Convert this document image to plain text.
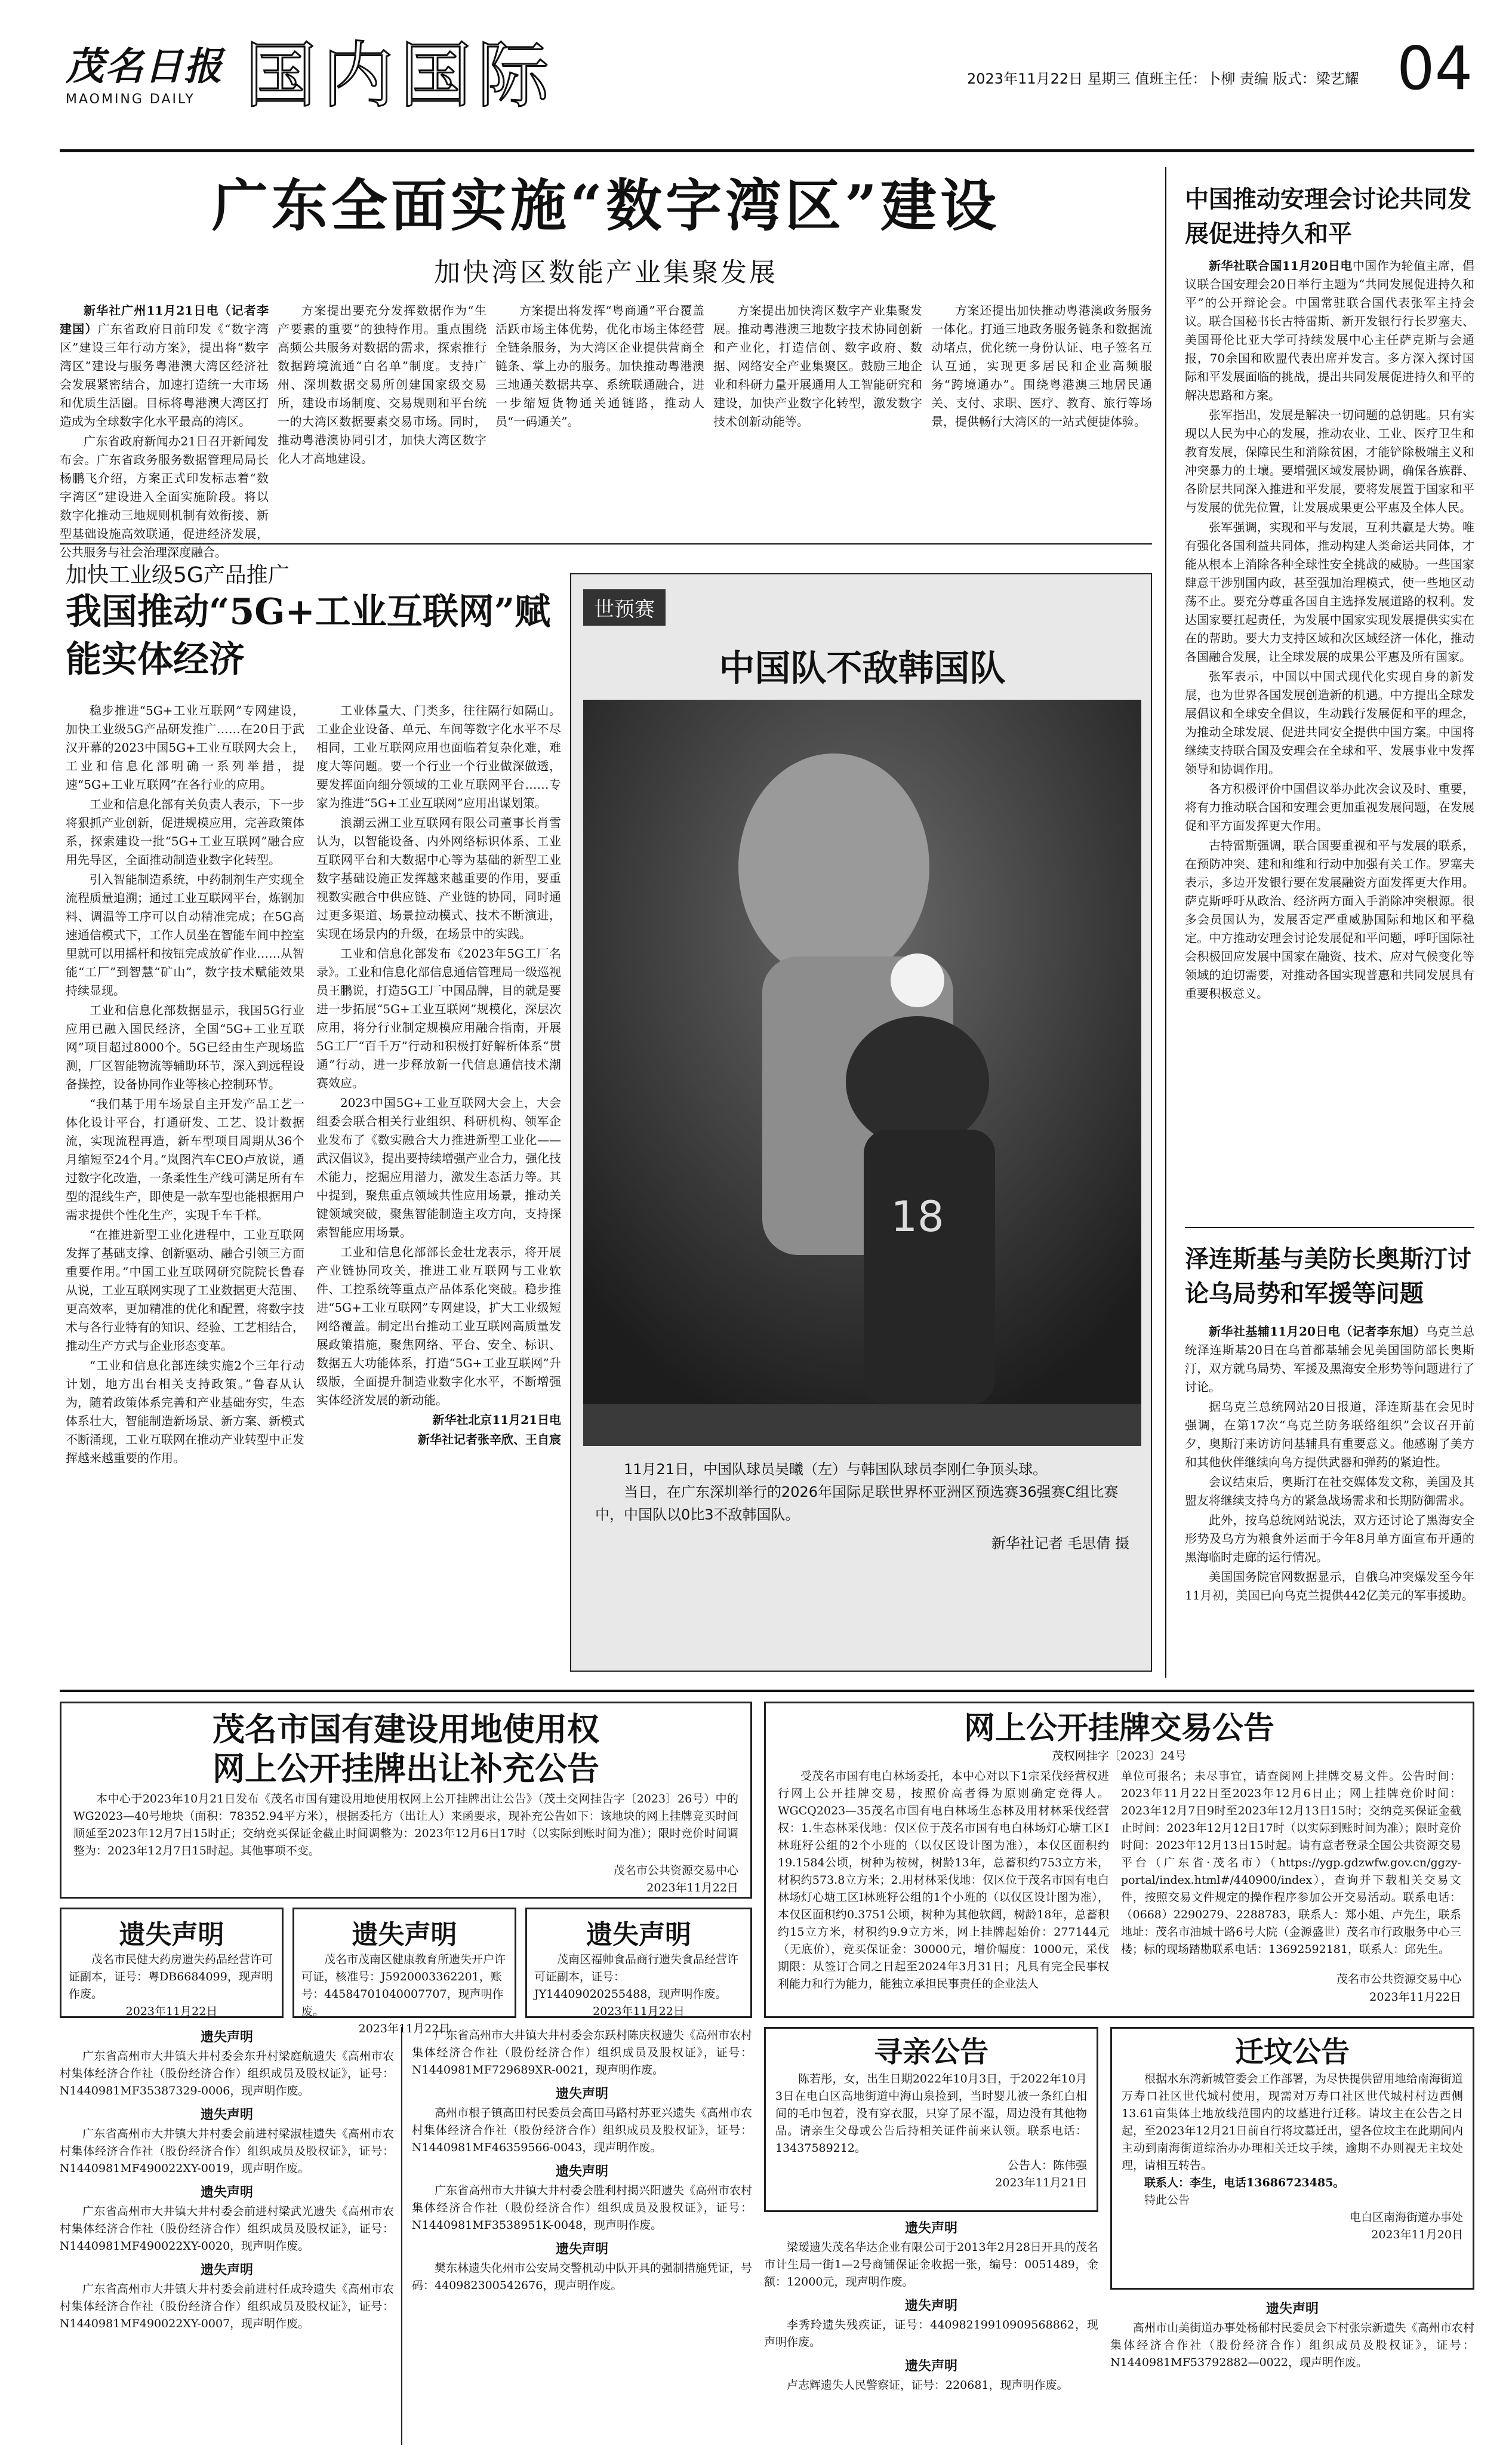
茂名日报
MAOMING DAILY 国内国际	2023年11月22日 星期三 值班主任：卜柳 责编 版式：梁艺耀 04
广东全面实施“数字湾区”建设
加快湾区数能产业集聚发展

新华社广州11月21日电（记者李建国）广东省政府日前印发《“数字湾区”建设三年行动方案》，提出将“数字湾区”建设与服务粤港澳大湾区经济社会发展紧密结合，加速打造统一大市场和优质生活圈。目标将粤港澳大湾区打造成为全球数字化水平最高的湾区。

广东省政府新闻办21日召开新闻发布会。广东省政务服务数据管理局局长杨鹏飞介绍，方案正式印发标志着“数字湾区”建设进入全面实施阶段。将以数字化推动三地规则机制有效衔接、新型基础设施高效联通，促进经济发展，公共服务与社会治理深度融合。

方案提出要充分发挥数据作为“生产要素的重要”的独特作用。重点围绕高频公共服务对数据的需求，探索推行数据跨境流通“白名单”制度。支持广州、深圳数据交易所创建国家级交易所，建设市场制度、交易规则和平台统一的大湾区数据要素交易市场。同时，推动粤港澳协同引才，加快大湾区数字化人才高地建设。

方案提出将发挥“粤商通”平台覆盖活跃市场主体优势，优化市场主体经营全链条服务，为大湾区企业提供营商全链条、掌上办的服务。加快推动粤港澳三地通关数据共享、系统联通融合，进一步缩短货物通关通链路，推动人员“一码通关”。

方案提出加快湾区数字产业集聚发展。推动粤港澳三地数字技术协同创新和产业化，打造信创、数字政府、数据、网络安全产业集聚区。鼓励三地企业和科研力量开展通用人工智能研究和建设，加快产业数字化转型，激发数字技术创新动能等。

方案还提出加快推动粤港澳政务服务一体化。打通三地政务服务链条和数据流动堵点，优化统一身份认证、电子签名互认互通，实现更多居民和企业高频服务“跨境通办”。围绕粤港澳三地居民通关、支付、求职、医疗、教育、旅行等场景，提供畅行大湾区的一站式便捷体验。

加快工业级5G产品推广
我国推动“5G+工业互联网”赋能实体经济

稳步推进“5G+工业互联网”专网建设，加快工业级5G产品研发推广……在20日于武汉开幕的2023中国5G+工业互联网大会上，工业和信息化部明确一系列举措，提速“5G+工业互联网”在各行业的应用。

工业和信息化部有关负责人表示，下一步将狠抓产业创新，促进规模应用，完善政策体系，探索建设一批“5G+工业互联网”融合应用先导区，全面推动制造业数字化转型。

引入智能制造系统，中药制剂生产实现全流程质量追溯；通过工业互联网平台，炼钢加料、调温等工序可以自动精准完成；在5G高速通信模式下，工作人员坐在智能车间中控室里就可以用摇杆和按钮完成放矿作业……从智能“工厂”到智慧“矿山”，数字技术赋能效果持续显现。

工业和信息化部数据显示，我国5G行业应用已融入国民经济，全国“5G+工业互联网”项目超过8000个。5G已经由生产现场监测，厂区智能物流等辅助环节，深入到远程设备操控，设备协同作业等核心控制环节。

“我们基于用车场景自主开发产品工艺一体化设计平台，打通研发、工艺、设计数据流，实现流程再造，新车型项目周期从36个月缩短至24个月。”岚图汽车CEO卢放说，通过数字化改造，一条柔性生产线可满足所有车型的混线生产，即使是一款车型也能根据用户需求提供个性化生产，实现千车千样。

“在推进新型工业化进程中，工业互联网发挥了基础支撑、创新驱动、融合引领三方面重要作用。”中国工业互联网研究院院长鲁春从说，工业互联网实现了工业数据更大范围、更高效率，更加精准的优化和配置，将数字技术与各行业特有的知识、经验、工艺相结合，推动生产方式与企业形态变革。

“工业和信息化部连续实施2个三年行动计划，地方出台相关支持政策。”鲁春从认为，随着政策体系完善和产业基础夯实，生态体系壮大，智能制造新场景、新方案、新模式不断涌现，工业互联网在推动产业转型中正发挥越来越重要的作用。

工业体量大、门类多，往往隔行如隔山。工业企业设备、单元、车间等数字化水平不尽相同，工业互联网应用也面临着复杂化难，难度大等问题。要一个行业一个行业做深做透，要发挥面向细分领域的工业互联网平台……专家为推进“5G+工业互联网”应用出谋划策。

浪潮云洲工业互联网有限公司董事长肖雪认为，以智能设备、内外网络标识体系、工业互联网平台和大数据中心等为基础的新型工业数字基础设施正发挥越来越重要的作用，要重视数实融合中供应链、产业链的协同，同时通过更多渠道、场景拉动模式、技术不断演进，实现在场景内的升级，在场景中的实践。

工业和信息化部发布《2023年5G工厂名录》。工业和信息化部信息通信管理局一级巡视员王鹏说，打造5G工厂中国品牌，目的就是要进一步拓展“5G+工业互联网”规模化，深层次应用，将分行业制定规模应用融合指南，开展5G工厂“百千万”行动和积极打好解析体系“贯通”行动，进一步释放新一代信息通信技术潮赛效应。

2023中国5G+工业互联网大会上，大会组委会联合相关行业组织、科研机构、领军企业发布了《数实融合大力推进新型工业化——武汉倡议》，提出要持续增强产业合力，强化技术能力，挖掘应用潜力，激发生态活力等。其中提到，聚焦重点领域共性应用场景，推动关键领域突破，聚焦智能制造主攻方向，支持探索智能应用场景。

工业和信息化部部长金壮龙表示，将开展产业链协同攻关，推进工业互联网与工业软件、工控系统等重点产品体系化突破。稳步推进“5G+工业互联网”专网建设，扩大工业级短网络覆盖。制定出台推动工业互联网高质量发展政策措施，聚焦网络、平台、安全、标识、数据五大功能体系，打造“5G+工业互联网”升级版，全面提升制造业数字化水平，不断增强实体经济发展的新动能。

新华社北京11月21日电

新华社记者张辛欣、王自宸

世预赛
中国队不敌韩国队
18
11月21日，中国队球员吴曦（左）与韩国队球员李刚仁争顶头球。
当日，在广东深圳举行的2026年国际足联世界杯亚洲区预选赛36强赛C组比赛中，中国队以0比3不敌韩国队。
新华社记者 毛思倩 摄
中国推动安理会讨论共同发展促进持久和平

新华社联合国11月20日电中国作为轮值主席，倡议联合国安理会20日举行主题为“共同发展促进持久和平”的公开辩论会。中国常驻联合国代表张军主持会议。联合国秘书长古特雷斯、新开发银行行长罗塞夫、美国哥伦比亚大学可持续发展中心主任萨克斯与会通报，70余国和欧盟代表出席并发言。多方深入探讨国际和平发展面临的挑战，提出共同发展促进持久和平的解决思路和方案。

张军指出，发展是解决一切问题的总钥匙。只有实现以人民为中心的发展，推动农业、工业、医疗卫生和教育发展，保障民生和消除贫困，才能铲除极端主义和冲突暴力的土壤。要增强区域发展协调，确保各族群、各阶层共同深入推进和平发展，要将发展置于国家和平与发展的优先位置，让发展成果更公平惠及全体人民。

张军强调，实现和平与发展，互利共赢是大势。唯有强化各国利益共同体，推动构建人类命运共同体，才能从根本上消除各种全球性安全挑战的威胁。一些国家肆意干涉别国内政，甚至强加治理模式，使一些地区动荡不止。要充分尊重各国自主选择发展道路的权利。发达国家要扛起责任，为发展中国家实现发展提供实实在在的帮助。要大力支持区域和次区域经济一体化，推动各国融合发展，让全球发展的成果公平惠及所有国家。

张军表示，中国以中国式现代化实现自身的新发展，也为世界各国发展创造新的机遇。中方提出全球发展倡议和全球安全倡议，生动践行发展促和平的理念，为推动全球发展、促进共同安全提供中国方案。中国将继续支持联合国及安理会在全球和平、发展事业中发挥领导和协调作用。

各方积极评价中国倡议举办此次会议及时、重要，将有力推动联合国和安理会更加重视发展问题，在发展促和平方面发挥更大作用。

古特雷斯强调，联合国要重视和平与发展的联系，在预防冲突、建和和维和行动中加强有关工作。罗塞夫表示，多边开发银行要在发展融资方面发挥更大作用。萨克斯呼吁从政治、经济两方面入手消除冲突根源。很多会员国认为，发展否定严重威胁国际和地区和平稳定。中方推动安理会讨论发展促和平问题，呼吁国际社会积极回应发展中国家在融资、技术、应对气候变化等领域的迫切需要，对推动各国实现普惠和共同发展具有重要积极意义。

泽连斯基与美防长奥斯汀讨论乌局势和军援等问题

新华社基辅11月20日电（记者李东旭）乌克兰总统泽连斯基20日在乌首都基辅会见美国国防部长奥斯汀，双方就乌局势、军援及黑海安全形势等问题进行了讨论。

据乌克兰总统网站20日报道，泽连斯基在会见时强调，在第17次“乌克兰防务联络组织”会议召开前夕，奥斯汀来访访问基辅具有重要意义。他感谢了美方和其他伙伴继续向乌方提供武器和弹药的紧迫性。

会议结束后，奥斯汀在社交媒体发文称，美国及其盟友将继续支持乌方的紧急战场需求和长期防御需求。

此外，按乌总统网站说法，双方还讨论了黑海安全形势及乌方为粮食外运而于今年8月单方面宣布开通的黑海临时走廊的运行情况。

美国国务院官网数据显示，自俄乌冲突爆发至今年11月初，美国已向乌克兰提供442亿美元的军事援助。

茂名市国有建设用地使用权
网上公开挂牌出让补充公告

本中心于2023年10月21日发布《茂名市国有建设用地使用权网上公开挂牌出让公告》（茂土交网挂告字〔2023〕26号）中的WG2023—40号地块（面积：78352.94平方米），根据委托方（出让人）来函要求，现补充公告如下：该地块的网上挂牌竞买时间顺延至2023年12月7日15时正；交纳竞买保证金截止时间调整为：2023年12月6日17时（以实际到账时间为准）；限时竞价时间调整为：2023年12月7日15时起。其他事项不变。

茂名市公共资源交易中心
2023年11月22日
网上公开挂牌交易公告
茂权网挂字〔2023〕24号
受茂名市国有电白林场委托，本中心对以下1宗采伐经营权进行网上公开挂牌交易，按照价高者得为原则确定竞得人。WGCQ2023—35茂名市国有电白林场生态林及用材林采伐经营权：1.生态林采伐地：仅区位于茂名市国有电白林场灯心塘工区Ⅰ林班籽公组的2个小班的（以仅区设计图为准），本仅区面积约19.1584公顷，树种为桉树，树龄13年，总蓄积约753立方米，材积约573.8立方米；2.用材林采伐地：仅区位于茂名市国有电白林场灯心塘工区Ⅰ林班籽公组的1个小班的（以仅区设计图为准），本仅区面积约0.3751公顷，树种为其他软阔，树龄18年，总蓄积约15立方米，材积约9.9立方米，网上挂牌起始价：277144元（无底价），竞买保证金：30000元，增价幅度：1000元，采伐期限：从签订合同之日起至2024年3月31日；凡具有完全民事权利能力和行为能力，能独立承担民事责任的企业法人
单位可报名；未尽事宜，请查阅网上挂牌交易文件。公告时间：2023年11月22日至2023年12月6日止；网上挂牌竞价时间：2023年12月7日9时至2023年12月13日15时；交纳竞买保证金截止时间：2023年12月12日17时（以实际到账时间为准）；限时竞价时间：2023年12月13日15时起。请有意者登录全国公共资源交易平台（广东省·茂名市）（https://ygp.gdzwfw.gov.cn/ggzy-portal/index.html#/440900/index），查询并下载相关交易文件，按照交易文件规定的操作程序参加公开交易活动。联系电话：（0668）2290279、2288783，联系人：郑小姐、卢先生，联系地址：茂名市油城十路6号大院（金源盛世）茂名市行政服务中心三楼；标的现场踏勘联系电话：13692592181，联系人：邱先生。
茂名市公共资源交易中心
2023年11月22日
遗失声明

茂名市民健大药房遗失药品经营许可证副本，证号：粤DB6684099，现声明作废。

2023年11月22日
遗失声明

茂名市茂南区健康教育所遗失开户许可证，核准号：J5920003362201，账号：44584701040007707，现声明作废。

2023年11月22日
遗失声明

茂南区福帅食品商行遗失食品经营许可证副本，证号：JY14409020255488，现声明作废。

2023年11月22日
遗失声明

广东省高州市大井镇大井村委会东升村梁庭航遗失《高州市农村集体经济合作社（股份经济合作）组织成员及股权证》，证号：N1440981MF35387329-0006，现声明作废。

遗失声明

广东省高州市大井镇大井村委会前进村梁淑桂遗失《高州市农村集体经济合作社（股份经济合作）组织成员及股权证》，证号：N1440981MF490022XY-0019，现声明作废。

遗失声明

广东省高州市大井镇大井村委会前进村梁武光遗失《高州市农村集体经济合作社（股份经济合作）组织成员及股权证》，证号：N1440981MF490022XY-0020，现声明作废。

遗失声明

广东省高州市大井镇大井村委会前进村任成玲遗失《高州市农村集体经济合作社（股份经济合作）组织成员及股权证》，证号：N1440981MF490022XY-0007，现声明作废。

广东省高州市大井镇大井村委会东跃村陈庆权遗失《高州市农村集体经济合作社（股份经济合作）组织成员及股权证》，证号：N1440981MF729689XR-0021，现声明作废。

遗失声明

高州市根子镇高田村民委员会高田马路村苏亚兴遗失《高州市农村集体经济合作社（股份经济合作）组织成员及股权证》，证号：N1440981MF46359566-0043，现声明作废。

遗失声明

广东省高州市大井镇大井村委会胜利村揭兴阳遗失《高州市农村集体经济合作社（股份经济合作）组织成员及股权证》，证号：N1440981MF3538951K-0048，现声明作废。

遗失声明

樊东林遗失化州市公安局交警机动中队开具的强制措施凭证，号码：440982300542676，现声明作废。

寻亲公告

陈若彤，女，出生日期2022年10月3日，于2022年10月3日在电白区高地街道中海山泉捡到，当时婴儿被一条红白相间的毛巾包着，没有穿衣服，只穿了尿不湿，周边没有其他物品。请亲生父母或公告后持相关证件前来认领。联系电话：13437589212。

公告人：陈伟强
2023年11月21日
遗失声明

梁瑷遗失茂名华达企业有限公司于2013年2月28日开具的茂名市计生局一街1—2号商铺保证金收据一张，编号：0051489，金额：12000元，现声明作废。

遗失声明

李秀玲遗失残疾证，证号：44098219910909568862，现声明作废。

遗失声明

卢志辉遗失人民警察证，证号：220681，现声明作废。

迁坟公告

根据水东湾新城管委会工作部署，为尽快提供留用地给南海街道万寿口社区世代城村使用，现需对万寿口社区世代城村村边西侧13.61亩集体土地放线范围内的坟墓进行迁移。请坟主在公告之日起，至2023年12月21日前自行将坟墓迁出，望各位坟主在此期间内主动到南海街道综治办办理相关迁坟手续，逾期不办则视无主坟处理，请相互转告。

联系人：李生，电话13686723485。

特此公告

电白区南海街道办事处
2023年11月20日
遗失声明

高州市山美街道办事处杨郁村民委员会下村张宗新遗失《高州市农村集体经济合作社（股份经济合作）组织成员及股权证》，证号：N1440981MF53792882—0022，现声明作废。
